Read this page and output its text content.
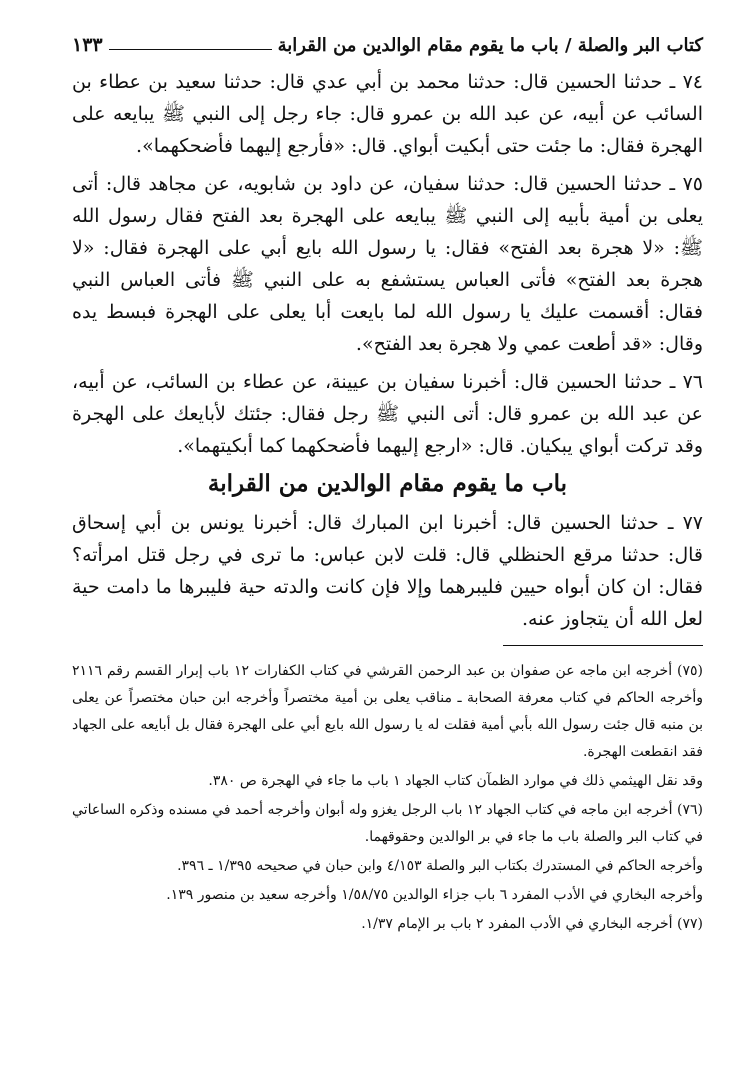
كتاب البر والصلة / باب ما يقوم مقام الوالدين من القرابة
١٣٣

٧٤ ـ حدثنا الحسين قال: حدثنا محمد بن أبي عدي قال: حدثنا سعيد بن عطاء بن السائب عن أبيه، عن عبد الله بن عمرو قال: جاء رجل إلى النبي ﷺ يبايعه على الهجرة فقال: ما جئت حتى أبكيت أبواي. قال: «فأرجع إليهما فأضحكهما».

٧٥ ـ حدثنا الحسين قال: حدثنا سفيان، عن داود بن شابويه، عن مجاهد قال: أتى يعلى بن أمية بأبيه إلى النبي ﷺ يبايعه على الهجرة بعد الفتح فقال رسول الله ﷺ: «لا هجرة بعد الفتح» فقال: يا رسول الله بايع أبي على الهجرة فقال: «لا هجرة بعد الفتح» فأتى العباس يستشفع به على النبي ﷺ فأتى العباس النبي فقال: أقسمت عليك يا رسول الله لما بايعت أبا يعلى على الهجرة فبسط يده وقال: «قد أطعت عمي ولا هجرة بعد الفتح».

٧٦ ـ حدثنا الحسين قال: أخبرنا سفيان بن عيينة، عن عطاء بن السائب، عن أبيه، عن عبد الله بن عمرو قال: أتى النبي ﷺ رجل فقال: جئتك لأبايعك على الهجرة وقد تركت أبواي يبكيان. قال: «ارجع إليهما فأضحكهما كما أبكيتهما».

باب ما يقوم مقام الوالدين من القرابة

٧٧ ـ حدثنا الحسين قال: أخبرنا ابن المبارك قال: أخبرنا يونس بن أبي إسحاق قال: حدثنا مرقع الحنظلي قال: قلت لابن عباس: ما ترى في رجل قتل امرأته؟ فقال: ان كان أبواه حيين فليبرهما وإلا فإن كانت والدته حية فليبرها ما دامت حية لعل الله أن يتجاوز عنه.

(٧٥) أخرجه ابن ماجه عن صفوان بن عبد الرحمن القرشي في كتاب الكفارات ١٢ باب إبرار القسم رقم ٢١١٦ وأخرجه الحاكم في كتاب معرفة الصحابة ـ مناقب يعلى بن أمية مختصراً وأخرجه ابن حبان مختصراً عن يعلى بن منبه قال جئت رسول الله بأبي أمية فقلت له يا رسول الله بايع أبي على الهجرة فقال بل أبايعه على الجهاد فقد انقطعت الهجرة.

وقد نقل الهيثمي ذلك في موارد الظمآن كتاب الجهاد ١ باب ما جاء في الهجرة ص ٣٨٠.

(٧٦) أخرجه ابن ماجه في كتاب الجهاد ١٢ باب الرجل يغزو وله أبوان وأخرجه أحمد في مسنده وذكره الساعاتي في كتاب البر والصلة باب ما جاء في بر الوالدين وحقوقهما.

وأخرجه الحاكم في المستدرك بكتاب البر والصلة ٤/١٥٣ وابن حبان في صحيحه ١/٣٩٥ ـ ٣٩٦.

وأخرجه البخاري في الأدب المفرد ٦ باب جزاء الوالدين ١/٥٨/٧٥ وأخرجه سعيد بن منصور ١٣٩.

(٧٧) أخرجه البخاري في الأدب المفرد ٢ باب بر الإمام ١/٣٧.
